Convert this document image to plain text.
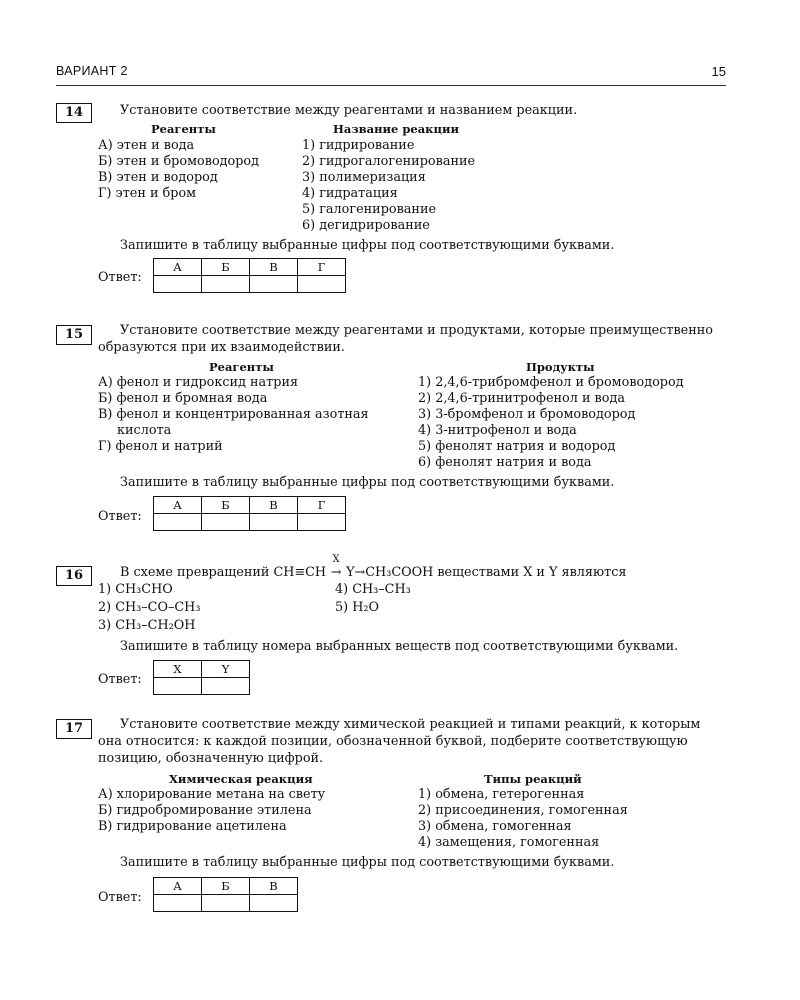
ВАРИАНТ 2	15
14	Установите соответствие между реагентами и названием реакции.
Реагенты	Название реакции
А) этен и вода
Б) этен и бромоводород
В) этен и водород
Г) этен и бром
1) гидрирование
2) гидрогалогенирование
3) полимеризация
4) гидратация
5) галогенирование
6) дегидрирование
Запишите в таблицу выбранные цифры под соответствующими буквами.
Ответ:
А	Б	В	Г

15	Установите соответствие между реагентами и продуктами, которые преимущественно
образуются при их взаимодействии.
Реагенты	Продукты
А) фенол и гидроксид натрия
Б) фенол и бромная вода
В) фенол и концентрированная азотная
кислота
Г) фенол и натрий
1) 2,4,6-трибромфенол и бромоводород
2) 2,4,6-тринитрофенол и вода
3) 3-бромфенол и бромоводород
4) 3-нитрофенол и вода
5) фенолят натрия и водород
6) фенолят натрия и вода
Запишите в таблицу выбранные цифры под соответствующими буквами.
Ответ:
А	Б	В	Г

16	В схеме превращений CH≡CH
X
→ Y→CH₃COOH веществами X и Y являются
1) CH₃CHO
2) CH₃–CO–CH₃
3) CH₃–CH₂OH
4) CH₃–CH₃
5) H₂O
Запишите в таблицу номера выбранных веществ под соответствующими буквами.
Ответ:
X	Y

17	Установите соответствие между химической реакцией и типами реакций, к которым
она относится: к каждой позиции, обозначенной буквой, подберите соответствующую
позицию, обозначенную цифрой.
Химическая реакция	Типы реакций
А) хлорирование метана на свету
Б) гидробромирование этилена
В) гидрирование ацетилена
1) обмена, гетерогенная
2) присоединения, гомогенная
3) обмена, гомогенная
4) замещения, гомогенная
Запишите в таблицу выбранные цифры под соответствующими буквами.
Ответ:
А	Б	В
